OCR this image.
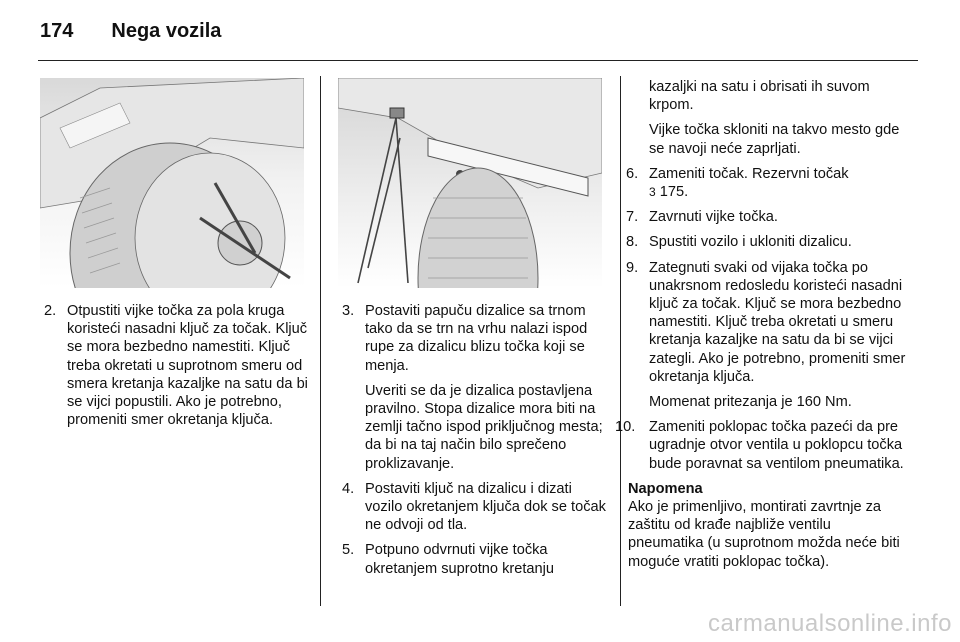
174 Nega vozila
2. Otpustiti vijke točka za pola kruga koristeći nasadni ključ za točak. Ključ se mora bezbedno namestiti. Ključ treba okretati u suprotnom smeru od smera kretanja kazaljke na satu da bi se vijci popustili. Ako je potrebno, promeniti smer okretanja ključa.
3. Postaviti papuču dizalice sa trnom tako da se trn na vrhu nalazi ispod rupe za dizalicu blizu točka koji se menja.
Uveriti se da je dizalica postavljena pravilno. Stopa dizalice mora biti na zemlji tačno ispod priključnog mesta; da bi na taj način bilo sprečeno proklizavanje.
4. Postaviti ključ na dizalicu i dizati vozilo okretanjem ključa dok se točak ne odvoji od tla.
5. Potpuno odvrnuti vijke točka okretanjem suprotno kretanju
kazaljki na satu i obrisati ih suvom krpom.
Vijke točka skloniti na takvo mesto gde se navoji neće zaprljati.
6. Zameniti točak. Rezervni točak
3 175.
7. Zavrnuti vijke točka.
8. Spustiti vozilo i ukloniti dizalicu.
9. Zategnuti svaki od vijaka točka po unakrsnom redosledu koristeći nasadni ključ za točak. Ključ se mora bezbedno namestiti. Ključ treba okretati u smeru kretanja kazaljke na satu da bi se vijci zategli. Ako je potrebno, promeniti smer okretanja ključa.
Momenat pritezanja je 160 Nm.
10. Zameniti poklopac točka pazeći da pre ugradnje otvor ventila u poklopcu točka bude poravnat sa ventilom pneumatika.
Napomena
Ako je primenljivo, montirati zavrtnje za zaštitu od krađe najbliže ventilu pneumatika (u suprotnom možda neće biti moguće vratiti poklopac točka).
carmanualsonline.info
